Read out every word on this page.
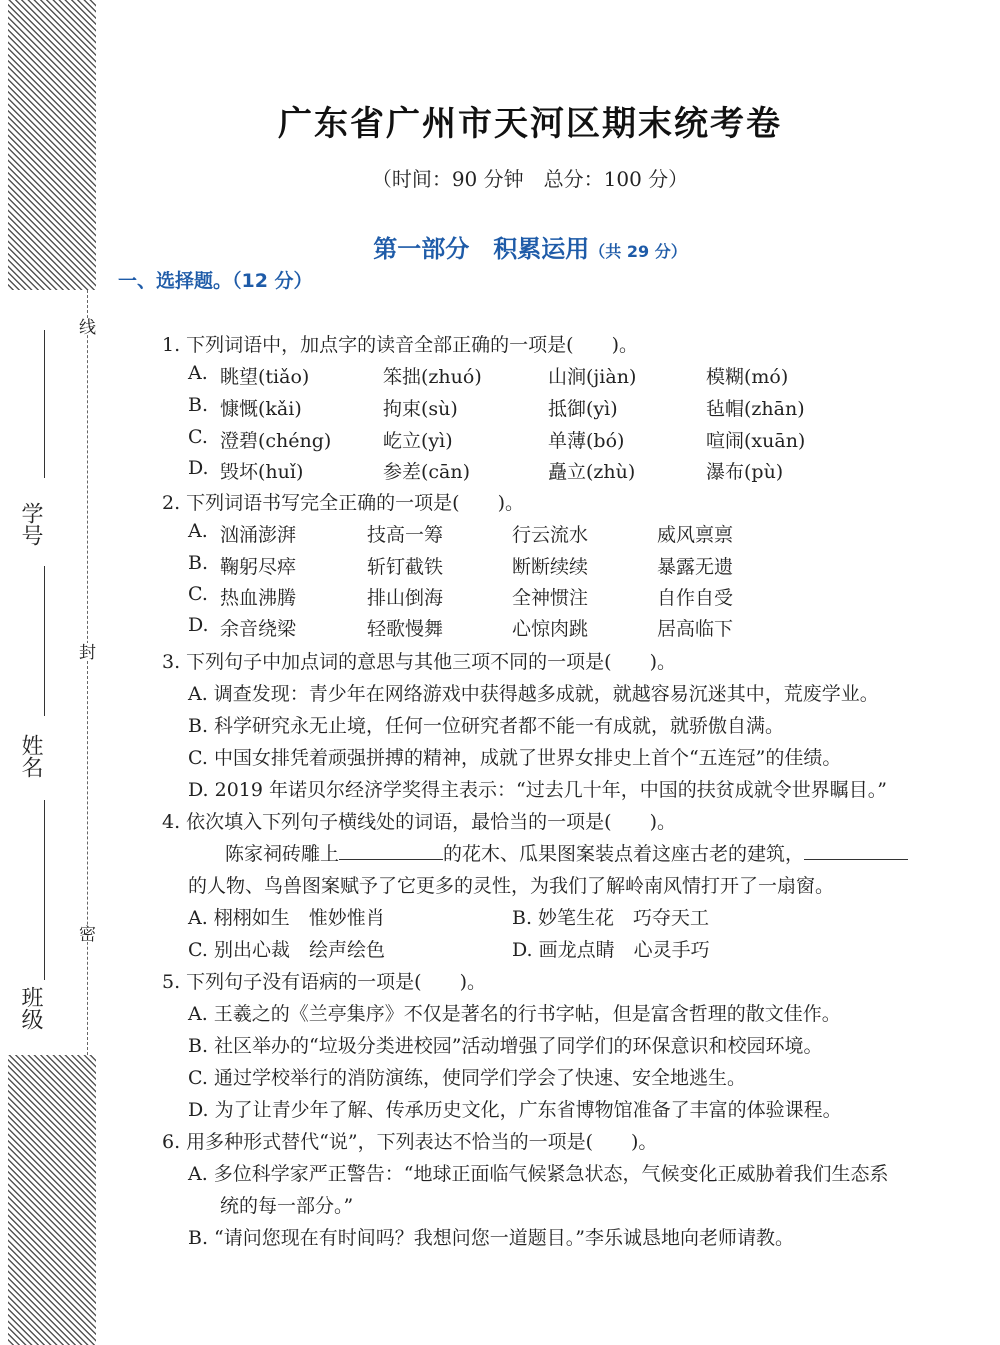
线
封
密
学号
姓名
班级
广东省广州市天河区期末统考卷
（时间：90 分钟　总分：100 分）
第一部分　积累运用（共 29 分）
一、选择题。（12 分）
1. 下列词语中，加点字的读音全部正确的一项是(　　)。
A. 眺望(tiǎo)	笨拙(zhuó)	山涧(jiàn)	模糊(mó)
B. 慷慨(kǎi)	拘束(sù)	抵御(yì)	毡帽(zhān)
C. 澄碧(chéng)	屹立(yì)	单薄(bó)	喧闹(xuān)
D. 毁坏(huǐ)	参差(cān)	矗立(zhù)	瀑布(pù)
2. 下列词语书写完全正确的一项是(　　)。
A. 汹涌澎湃	技高一筹	行云流水	威风禀禀
B. 鞠躬尽瘁	斩钉截铁	断断续续	暴露无遗
C. 热血沸腾	排山倒海	全神惯注	自作自受
D. 余音绕梁	轻歌慢舞	心惊肉跳	居高临下
3. 下列句子中加点词的意思与其他三项不同的一项是(　　)。
A. 调查发现：青少年在网络游戏中获得越多成就，就越容易沉迷其中，荒废学业。
B. 科学研究永无止境，任何一位研究者都不能一有成就，就骄傲自满。
C. 中国女排凭着顽强拼搏的精神，成就了世界女排史上首个“五连冠”的佳绩。
D. 2019 年诺贝尔经济学奖得主表示：“过去几十年，中国的扶贫成就令世界瞩目。”
4. 依次填入下列句子横线处的词语，最恰当的一项是(　　)。
陈家祠砖雕上	的花木、瓜果图案装点着这座古老的建筑，
的人物、鸟兽图案赋予了它更多的灵性，为我们了解岭南风情打开了一扇窗。
A. 栩栩如生　惟妙惟肖	B. 妙笔生花　巧夺天工
C. 别出心裁　绘声绘色	D. 画龙点睛　心灵手巧
5. 下列句子没有语病的一项是(　　)。
A. 王羲之的《兰亭集序》不仅是著名的行书字帖，但是富含哲理的散文佳作。
B. 社区举办的“垃圾分类进校园”活动增强了同学们的环保意识和校园环境。
C. 通过学校举行的消防演练，使同学们学会了快速、安全地逃生。
D. 为了让青少年了解、传承历史文化，广东省博物馆准备了丰富的体验课程。
6. 用多种形式替代“说”，下列表达不恰当的一项是(　　)。
A. 多位科学家严正警告：“地球正面临气候紧急状态，气候变化正威胁着我们生态系
统的每一部分。”
B. “请问您现在有时间吗？我想问您一道题目。”李乐诚恳地向老师请教。
